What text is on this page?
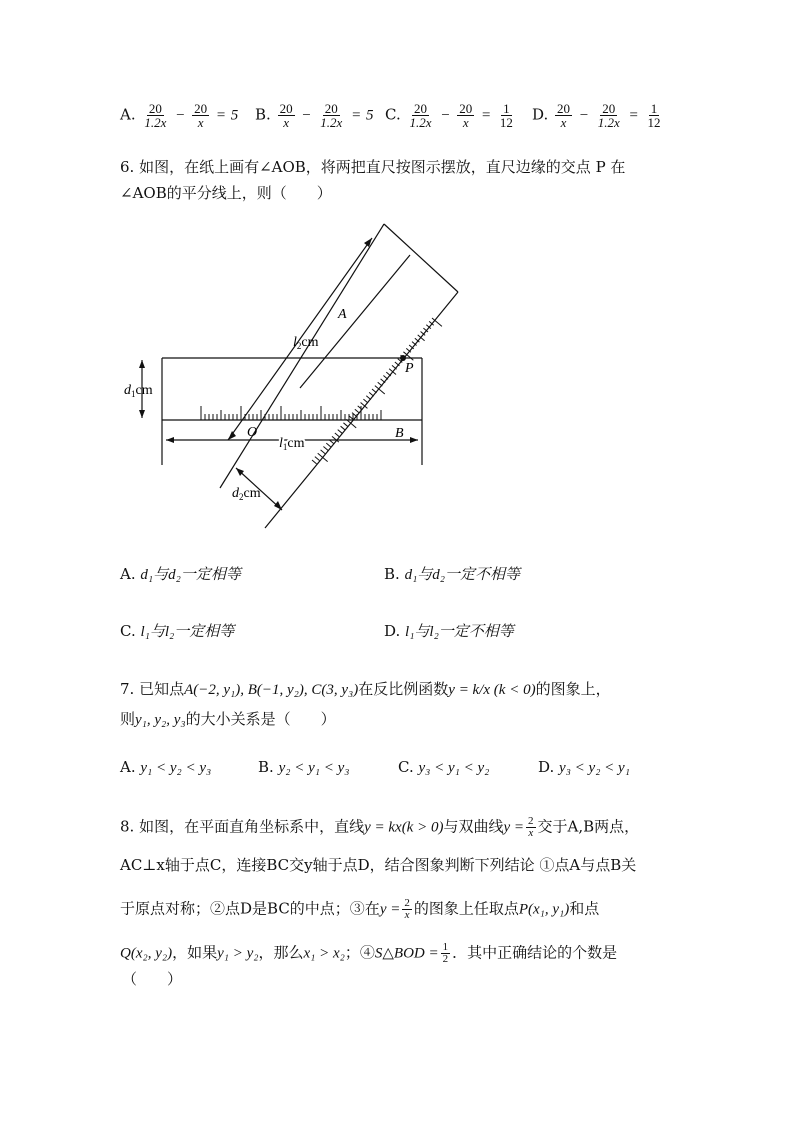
A. $\frac{20}{1.2x} - \frac{20}{x} = 5$ B. $\frac{20}{x} - \frac{20}{1.2x} = 5$ C. $\frac{20}{1.2x} - \frac{20}{x} = \frac{1}{12} D$. $\frac{20}{x} - \frac{20}{1.2x} = \frac{1}{12}$
6. 如图，在纸上画有∠AOB，将两把直尺按图示摆放，直尺边缘的交点 P 在
∠AOB的平分线上，则（　　）
A
P
O	B
$l_2cm$
$d_1cm$
$l_1cm$
$d_2cm$
A. d₁与d₂一定相等	B. d₁与d₂一定不相等
C. l₁与l₂一定相等	D. l₁与l₂一定不相等
7. 已知点A(−2, y₁), B(−1, y₂), C(3, y₃)在反比例函数y = k/x (k < 0)的图象上，
则y₁, y₂, y₃的大小关系是（　　）
A. y₁ < y₂ < y₃	B. y₂ < y₁ < y₃	C. y₃ < y₁ < y₂	D. y₃ < y₂ < y₁
8. 如图，在平面直角坐标系中，直线y = kx(k > 0)与双曲线$y = \frac{2}{x}$ 交于A,B两点，
AC⊥x轴于点C，连接BC交y轴于点D，结合图象判断下列结论 ①点A与点B关
于原点对称；②点D是BC的中点；③在$y = \frac{2}{x}$ 的图象上任取点P(x₁, y₁)和点
Q(x₂, y₂)，如果y₁ > y₂，那么x₁ > x₂；④S△BOD = $\frac{1}{2}$ ．其中正确结论的个数是
（　　）
